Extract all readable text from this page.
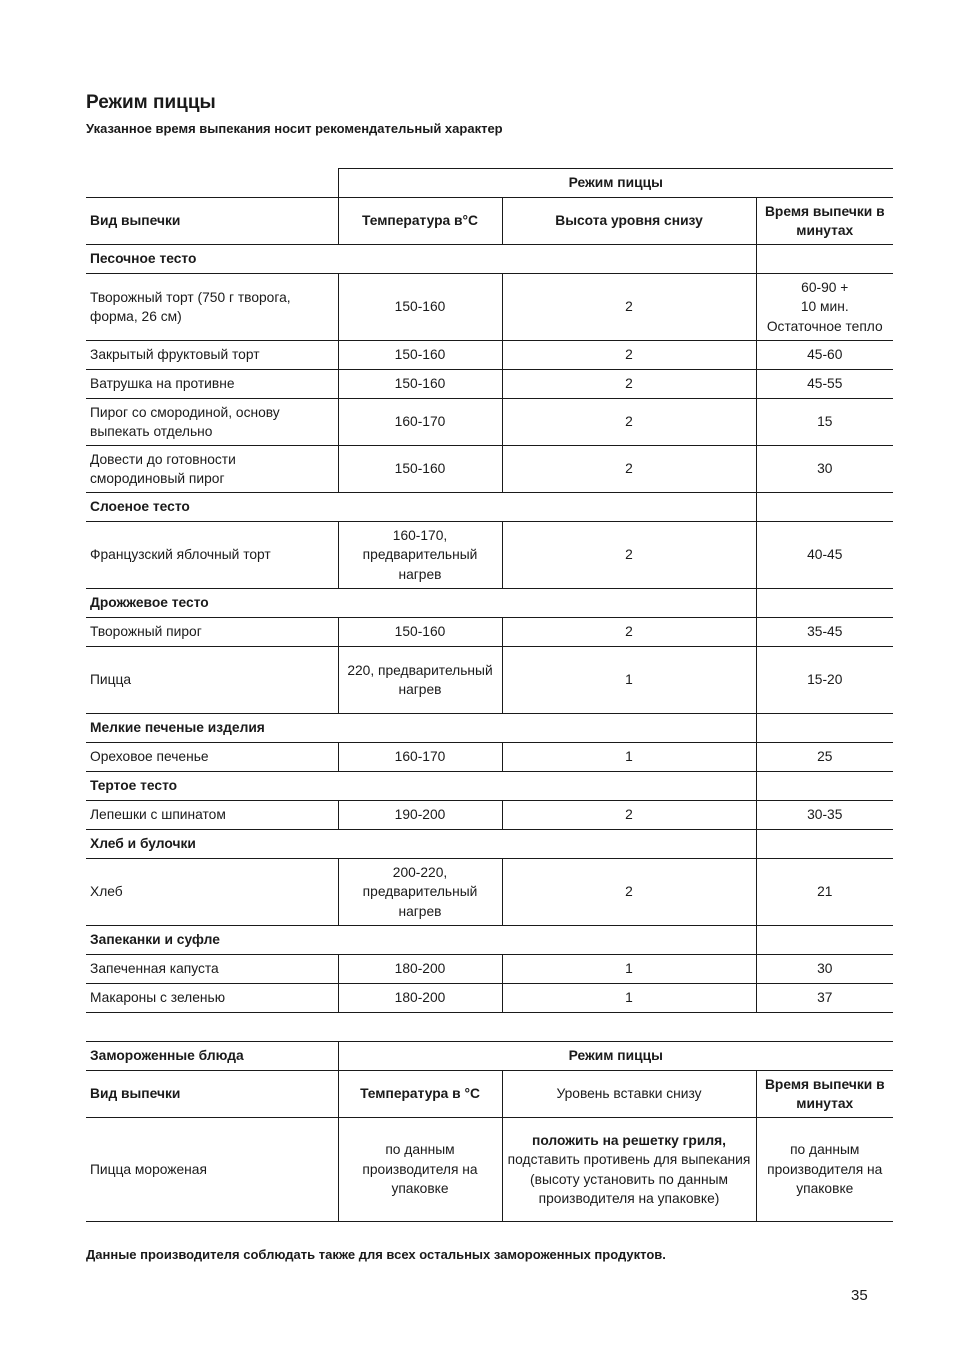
Режим пиццы
Указанное время выпекания носит рекомендательный характер
	Режим пиццы		
Вид выпечки	Температура в°С	Высота уровня снизу	Время выпечки в минутах
Песочное тесто			
Творожный торт (750 г творога, форма, 26 см)	150-160	2	60-90 +
10 мин.
Остаточное тепло

Закрытый фруктовый торт	150-160	2	45-60

Ватрушка на противне	150-160	2	45-55

Пирог со смородиной, основу выпекать отдельно	160-170	2	15

Довести до готовности смородиновый пирог	150-160	2	30

Слоеное тесто			
Французский яблочный торт	160-170, предварительный нагрев	2	40-45

Дрожжевое тесто			
Творожный пирог	150-160	2	35-45

Пицца	220, предварительный нагрев	1	15-20

Мелкие печеные изделия			
Ореховое печенье	160-170	1	25

Тертое тесто			
Лепешки с шпинатом	190-200	2	30-35

Хлеб и булочки			
Хлеб	200-220, предварительный нагрев	2	21

Запеканки и суфле			
Запеченная капуста	180-200	1	30

Макароны с зеленью	180-200	1	37
Замороженные блюда	Режим пиццы		
Вид выпечки	Температура в °С	Уровень вставки снизу	Время выпечки в минутах
Пицца мороженая	по данным производителя на упаковке	положить на решетку гриля,
подставить противень для выпекания (высоту установить по данным производителя на упаковке)	по данным производителя на упаковке
Данные производителя соблюдать также для всех остальных замороженных продуктов.
35
